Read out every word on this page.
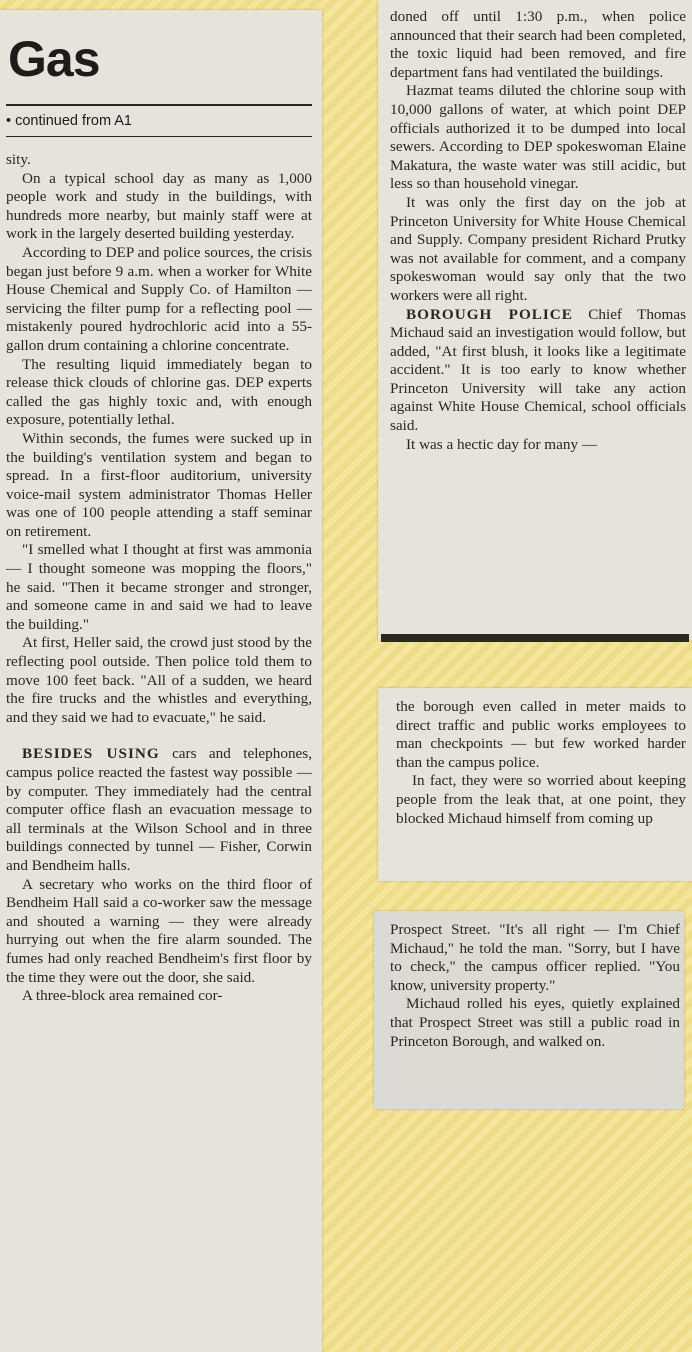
Gas
• continued from A1

sity.

On a typical school day as many as 1,000 people work and study in the buildings, with hundreds more nearby, but mainly staff were at work in the largely deserted building yesterday.

According to DEP and police sources, the crisis began just before 9 a.m. when a worker for White House Chemical and Supply Co. of Hamilton — servicing the filter pump for a reflecting pool — mistakenly poured hydrochloric acid into a 55-gallon drum containing a chlorine concentrate.

The resulting liquid immediately began to release thick clouds of chlorine gas. DEP experts called the gas highly toxic and, with enough exposure, potentially lethal.

Within seconds, the fumes were sucked up in the building's ventilation system and began to spread. In a first-floor auditorium, university voice-mail system administrator Thomas Heller was one of 100 people attending a staff seminar on retirement.

"I smelled what I thought at first was ammonia — I thought someone was mopping the floors," he said. "Then it became stronger and stronger, and someone came in and said we had to leave the building."

At first, Heller said, the crowd just stood by the reflecting pool outside. Then police told them to move 100 feet back. "All of a sudden, we heard the fire trucks and the whistles and everything, and they said we had to evacuate," he said.

BESIDES USING cars and telephones, campus police reacted the fastest way possible — by computer. They immediately had the central computer office flash an evacuation message to all terminals at the Wilson School and in three buildings connected by tunnel — Fisher, Corwin and Bendheim halls.

A secretary who works on the third floor of Bendheim Hall said a co-worker saw the message and shouted a warning — they were already hurrying out when the fire alarm sounded. The fumes had only reached Bendheim's first floor by the time they were out the door, she said.

A three-block area remained cor-

doned off until 1:30 p.m., when police announced that their search had been completed, the toxic liquid had been removed, and fire department fans had ventilated the buildings.

Hazmat teams diluted the chlorine soup with 10,000 gallons of water, at which point DEP officials authorized it to be dumped into local sewers. According to DEP spokeswoman Elaine Makatura, the waste water was still acidic, but less so than household vinegar.

It was only the first day on the job at Princeton University for White House Chemical and Supply. Company president Richard Prutky was not available for comment, and a company spokeswoman would say only that the two workers were all right.

BOROUGH POLICE Chief Thomas Michaud said an investigation would follow, but added, "At first blush, it looks like a legitimate accident." It is too early to know whether Princeton University will take any action against White House Chemical, school officials said.

It was a hectic day for many —

the borough even called in meter maids to direct traffic and public works employees to man checkpoints — but few worked harder than the campus police.

In fact, they were so worried about keeping people from the leak that, at one point, they blocked Michaud himself from coming up

Prospect Street. "It's all right — I'm Chief Michaud," he told the man. "Sorry, but I have to check," the campus officer replied. "You know, university property."

Michaud rolled his eyes, quietly explained that Prospect Street was still a public road in Princeton Borough, and walked on.
